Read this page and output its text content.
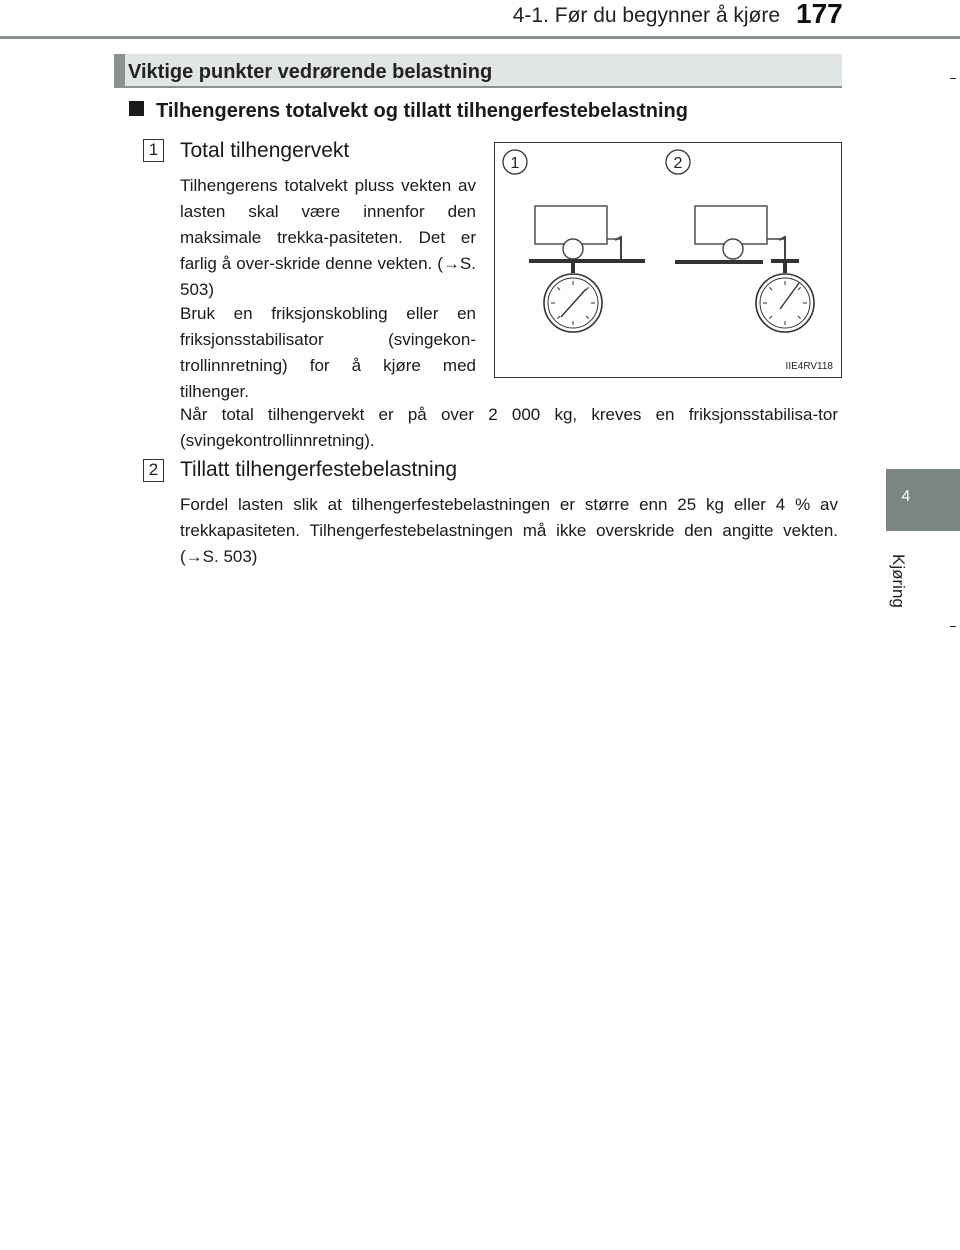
4-1. Før du begynner å kjøre 177
4
Kjøring
Viktige punkter vedrørende belastning
Tilhengerens totalvekt og tillatt tilhengerfestebelastning
1 Total tilhengervekt
Tilhengerens totalvekt pluss vekten av lasten skal være innenfor den maksimale trekka-pasiteten. Det er farlig å over-skride denne vekten. (→S. 503)
Bruk en friksjonskobling eller en friksjonsstabilisator (svingekon-trollinnretning) for å kjøre med tilhenger.
Når total tilhengervekt er på over 2 000 kg, kreves en friksjonsstabilisa-tor (svingekontrollinnretning).
2 Tillatt tilhengerfestebelastning
Fordel lasten slik at tilhengerfestebelastningen er større enn 25 kg eller 4 % av trekkapasiteten. Tilhengerfestebelastningen må ikke overskride den angitte vekten. (→S. 503)
1	2
IIE4RV118
